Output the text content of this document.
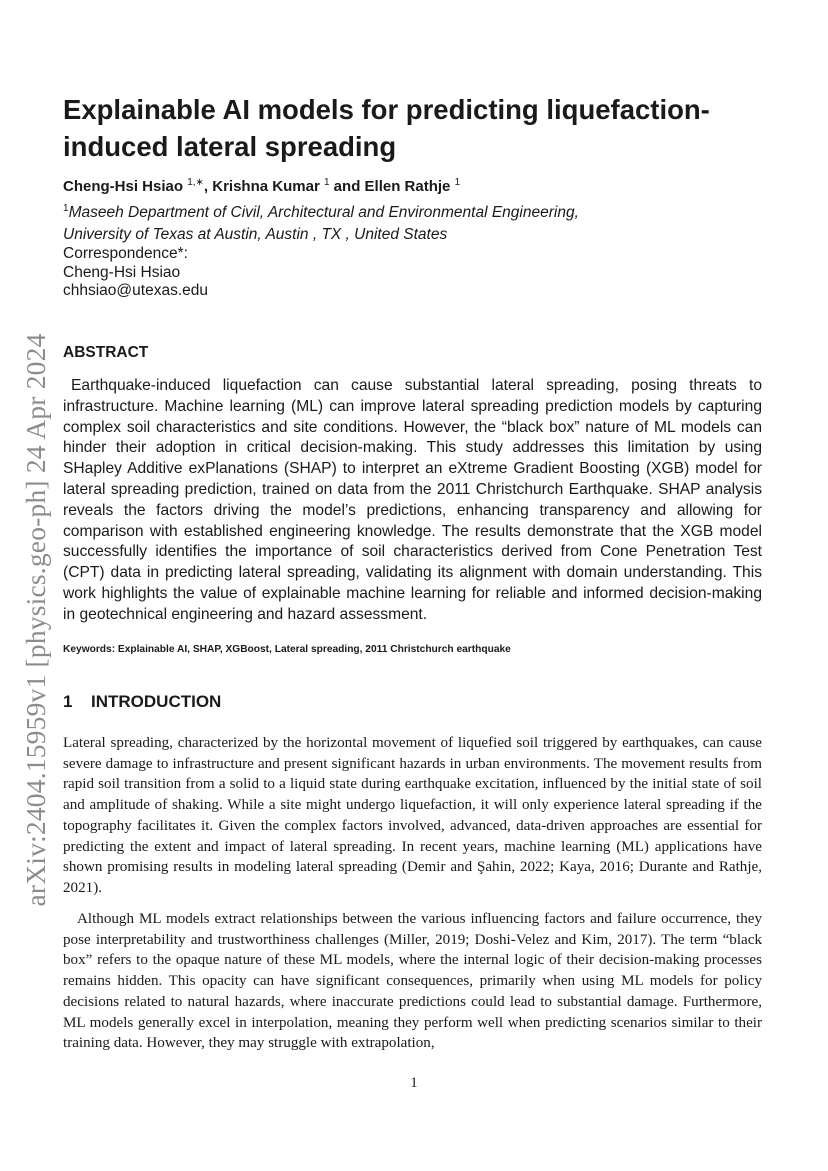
arXiv:2404.15959v1 [physics.geo-ph] 24 Apr 2024
Explainable AI models for predicting liquefaction-induced lateral spreading
Cheng-Hsi Hsiao $^{1,∗}$, Krishna Kumar $^1$ and Ellen Rathje $^1$
$^1$Maseeh Department of Civil, Architectural and Environmental Engineering,
University of Texas at Austin, Austin , TX , United States
Correspondence*:
Cheng-Hsi Hsiao
chhsiao@utexas.edu
ABSTRACT

Earthquake-induced liquefaction can cause substantial lateral spreading, posing threats to infrastructure. Machine learning (ML) can improve lateral spreading prediction models by capturing complex soil characteristics and site conditions. However, the “black box” nature of ML models can hinder their adoption in critical decision-making. This study addresses this limitation by using SHapley Additive exPlanations (SHAP) to interpret an eXtreme Gradient Boosting (XGB) model for lateral spreading prediction, trained on data from the 2011 Christchurch Earthquake. SHAP analysis reveals the factors driving the model’s predictions, enhancing transparency and allowing for comparison with established engineering knowledge. The results demonstrate that the XGB model successfully identifies the importance of soil characteristics derived from Cone Penetration Test (CPT) data in predicting lateral spreading, validating its alignment with domain understanding. This work highlights the value of explainable machine learning for reliable and informed decision-making in geotechnical engineering and hazard assessment.

Keywords: Explainable AI, SHAP, XGBoost, Lateral spreading, 2011 Christchurch earthquake
1 INTRODUCTION

Lateral spreading, characterized by the horizontal movement of liquefied soil triggered by earthquakes, can cause severe damage to infrastructure and present significant hazards in urban environments. The movement results from rapid soil transition from a solid to a liquid state during earthquake excitation, influenced by the initial state of soil and amplitude of shaking. While a site might undergo liquefaction, it will only experience lateral spreading if the topography facilitates it. Given the complex factors involved, advanced, data-driven approaches are essential for predicting the extent and impact of lateral spreading. In recent years, machine learning (ML) applications have shown promising results in modeling lateral spreading (Demir and Şahin, 2022; Kaya, 2016; Durante and Rathje, 2021).

Although ML models extract relationships between the various influencing factors and failure occurrence, they pose interpretability and trustworthiness challenges (Miller, 2019; Doshi-Velez and Kim, 2017). The term “black box” refers to the opaque nature of these ML models, where the internal logic of their decision-making processes remains hidden. This opacity can have significant consequences, primarily when using ML models for policy decisions related to natural hazards, where inaccurate predictions could lead to substantial damage. Furthermore, ML models generally excel in interpolation, meaning they perform well when predicting scenarios similar to their training data. However, they may struggle with extrapolation,

1
